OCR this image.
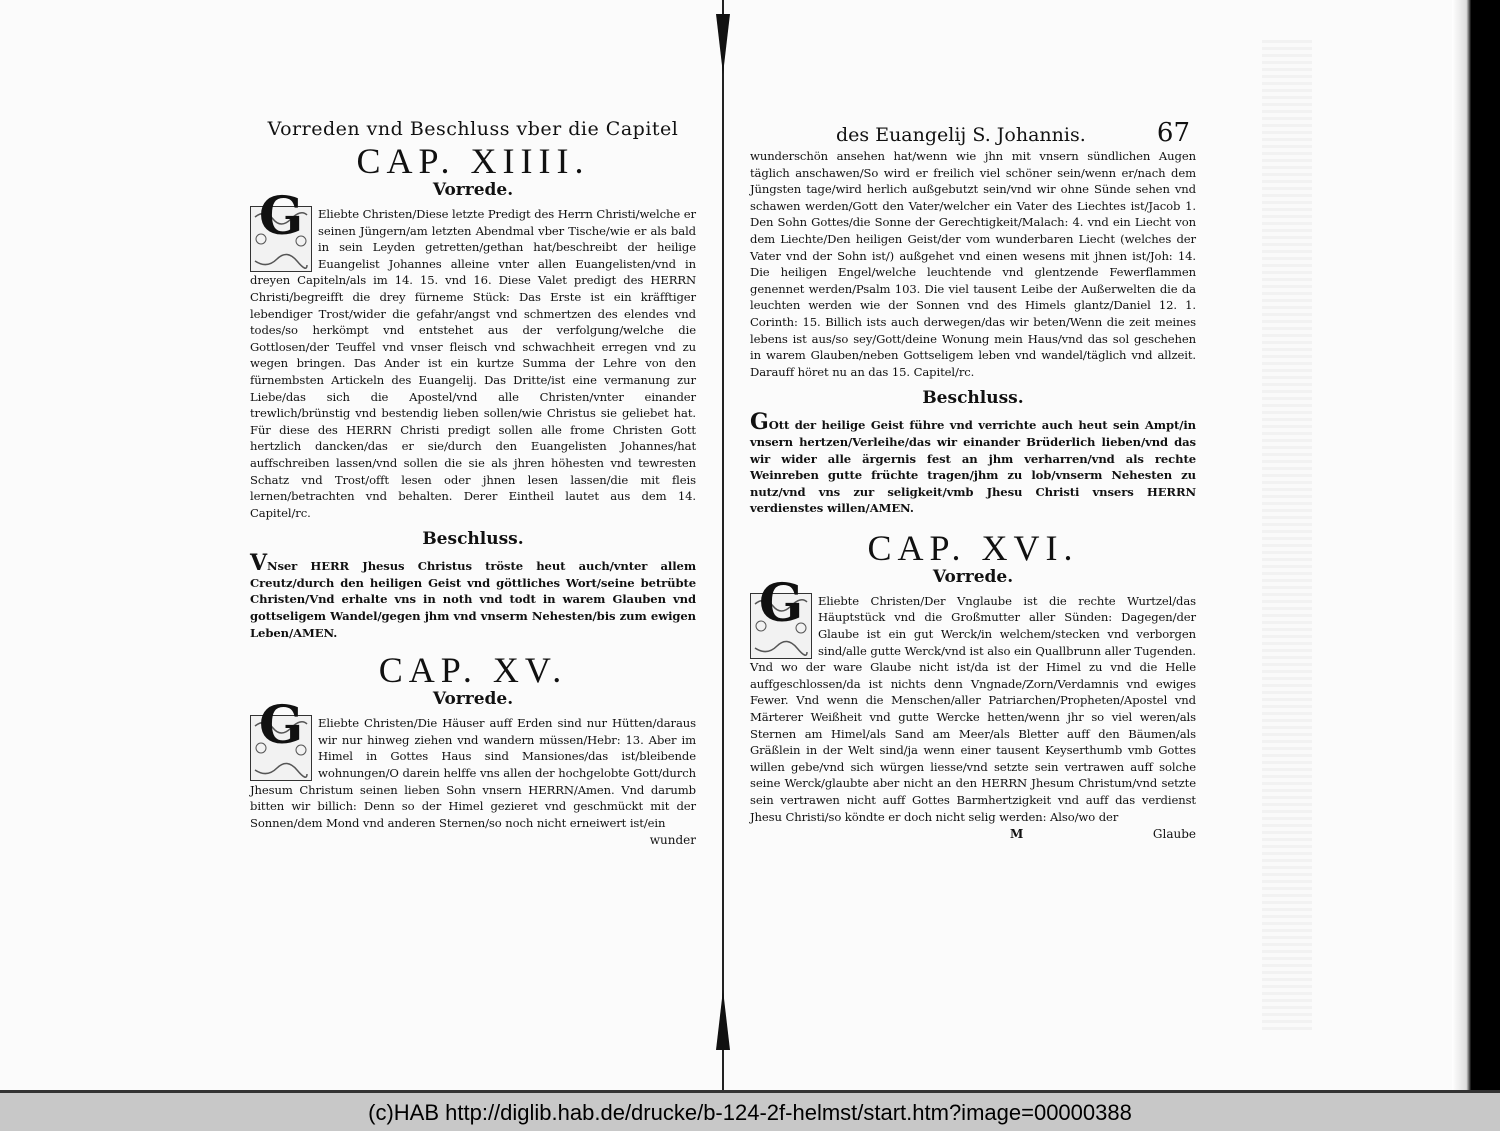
Vorreden vnd Beschluss vber die Capitel
CAP. XIIII.
Vorrede.
G	Eliebte Christen/Diese letzte Predigt des Herrn Christi/welche er seinen Jüngern/am letzten Abendmal vber Tische/wie er als bald in sein Leyden getretten/gethan hat/beschreibt der heilige Euangelist Johannes alleine vnter allen Euangelisten/vnd in dreyen Capiteln/als im 14. 15. vnd 16. Diese Valet predigt des HERRN Christi/begreifft die drey fürneme Stück: Das Erste ist ein kräfftiger lebendiger Trost/wider die gefahr/angst vnd schmertzen des elendes vnd todes/so herkömpt vnd entstehet aus der verfolgung/welche die Gottlosen/der Teuffel vnd vnser fleisch vnd schwachheit erregen vnd zu wegen bringen. Das Ander ist ein kurtze Summa der Lehre von den fürnembsten Artickeln des Euangelij. Das Dritte/ist eine vermanung zur Liebe/das sich die Apostel/vnd alle Christen/vnter einander trewlich/brünstig vnd bestendig lieben sollen/wie Christus sie geliebet hat. Für diese des HERRN Christi predigt sollen alle frome Christen Gott hertzlich dancken/das er sie/durch den Euangelisten Johannes/hat auffschreiben lassen/vnd sollen die sie als jhren höhesten vnd tewresten Schatz vnd Trost/offt lesen oder jhnen lesen lassen/die mit fleis lernen/betrachten vnd behalten. Derer Eintheil lautet aus dem 14. Capitel/rc.
Beschluss.
VNser HERR Jhesus Christus tröste heut auch/vnter allem Creutz/durch den heiligen Geist vnd göttliches Wort/seine betrübte Christen/Vnd erhalte vns in noth vnd todt in warem Glauben vnd gottseligem Wandel/gegen jhm vnd vnserm Nehesten/bis zum ewigen Leben/AMEN.
CAP. XV.
Vorrede.
G	Eliebte Christen/Die Häuser auff Erden sind nur Hütten/daraus wir nur hinweg ziehen vnd wandern müssen/Hebr: 13. Aber im Himel in Gottes Haus sind Mansiones/das ist/bleibende wohnungen/O darein helffe vns allen der hochgelobte Gott/durch Jhesum Christum seinen lieben Sohn vnsern HERRN/Amen. Vnd darumb bitten wir billich: Denn so der Himel gezieret vnd geschmückt mit der Sonnen/dem Mond vnd anderen Sternen/so noch nicht erneiwert ist/ein
wunder
des Euangelij S. Johannis.	67
wunderschön ansehen hat/wenn wie jhn mit vnsern sündlichen Augen täglich anschawen/So wird er freilich viel schöner sein/wenn er/nach dem Jüngsten tage/wird herlich außgebutzt sein/vnd wir ohne Sünde sehen vnd schawen werden/Gott den Vater/welcher ein Vater des Liechtes ist/Jacob 1. Den Sohn Gottes/die Sonne der Gerechtigkeit/Malach: 4. vnd ein Liecht von dem Liechte/Den heiligen Geist/der vom wunderbaren Liecht (welches der Vater vnd der Sohn ist/) außgehet vnd einen wesens mit jhnen ist/Joh: 14. Die heiligen Engel/welche leuchtende vnd glentzende Fewerflammen genennet werden/Psalm 103. Die viel tausent Leibe der Außerwelten die da leuchten werden wie der Sonnen vnd des Himels glantz/Daniel 12. 1. Corinth: 15. Billich ists auch derwegen/das wir beten/Wenn die zeit meines lebens ist aus/so sey/Gott/deine Wonung mein Haus/vnd das sol geschehen in warem Glauben/neben Gottseligem leben vnd wandel/täglich vnd allzeit. Darauff höret nu an das 15. Capitel/rc.
Beschluss.
GOtt der heilige Geist führe vnd verrichte auch heut sein Ampt/in vnsern hertzen/Verleihe/das wir einander Brüderlich lieben/vnd das wir wider alle ärgernis fest an jhm verharren/vnd als rechte Weinreben gutte früchte tragen/jhm zu lob/vnserm Nehesten zu nutz/vnd vns zur seligkeit/vmb Jhesu Christi vnsers HERRN verdienstes willen/AMEN.
CAP. XVI.
Vorrede.
G	Eliebte Christen/Der Vnglaube ist die rechte Wurtzel/das Häuptstück vnd die Großmutter aller Sünden: Dagegen/der Glaube ist ein gut Werck/in welchem/stecken vnd verborgen sind/alle gutte Werck/vnd ist also ein Quallbrunn aller Tugenden. Vnd wo der ware Glaube nicht ist/da ist der Himel zu vnd die Helle auffgeschlossen/da ist nichts denn Vngnade/Zorn/Verdamnis vnd ewiges Fewer. Vnd wenn die Menschen/aller Patriarchen/Propheten/Apostel vnd Märterer Weißheit vnd gutte Wercke hetten/wenn jhr so viel weren/als Sternen am Himel/als Sand am Meer/als Bletter auff den Bäumen/als Gräßlein in der Welt sind/ja wenn einer tausent Keyserthumb vmb Gottes willen gebe/vnd sich würgen liesse/vnd setzte sein vertrawen auff solche seine Werck/glaubte aber nicht an den HERRN Jhesum Christum/vnd setzte sein vertrawen nicht auff Gottes Barmhertzigkeit vnd auff das verdienst Jhesu Christi/so köndte er doch nicht selig werden: Also/wo der
M	Glaube
(c)HAB http://diglib.hab.de/drucke/b-124-2f-helmst/start.htm?image=00000388
